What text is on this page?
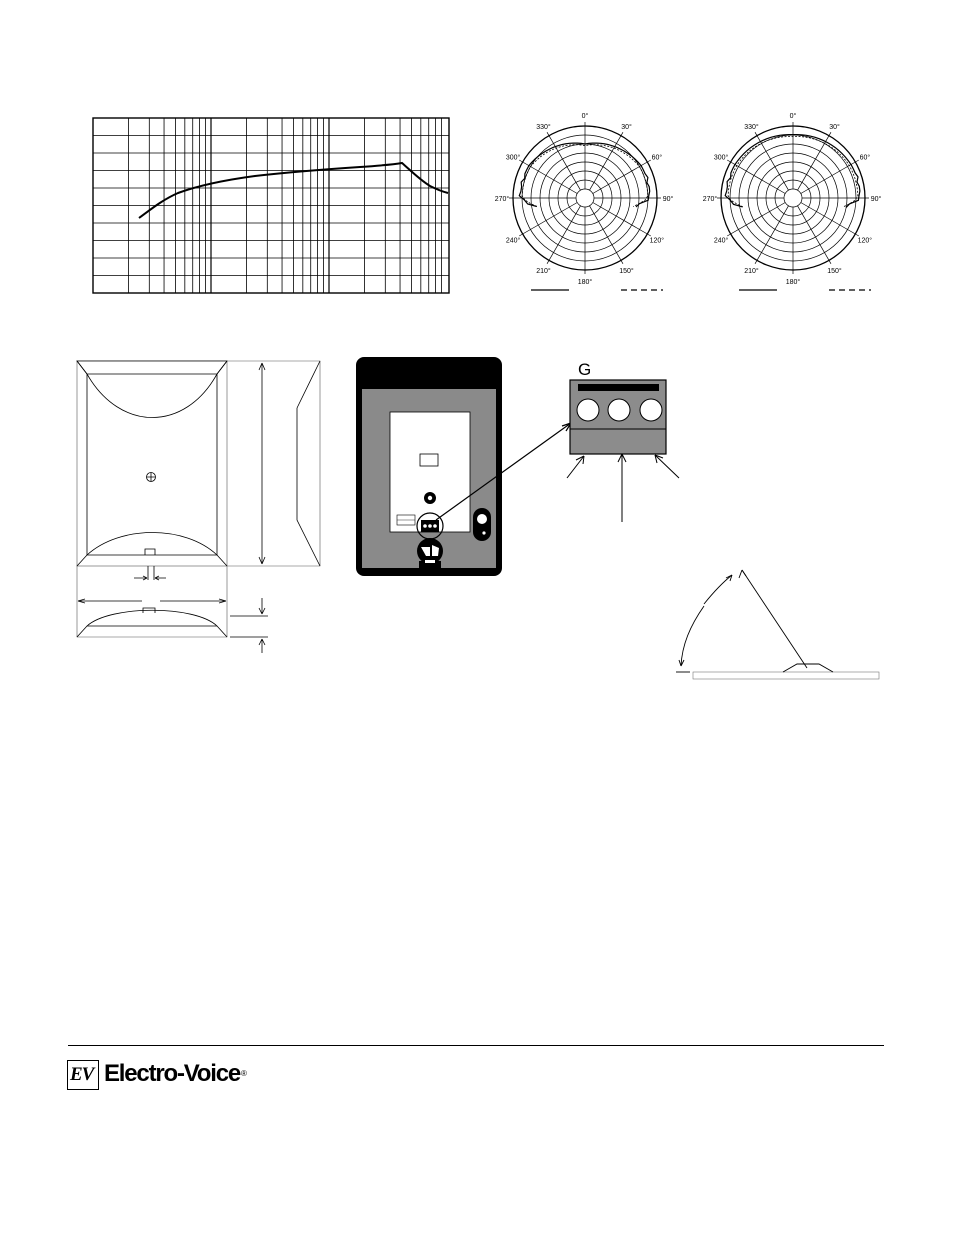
0°
30°
60°
90°
120°
150°
180°
210°
240°
270°
300°
330°
0°
30°
60°
90°
120°
150°
180°
210°
240°
270°
300°
330°
G
EV Electro-Voice®
